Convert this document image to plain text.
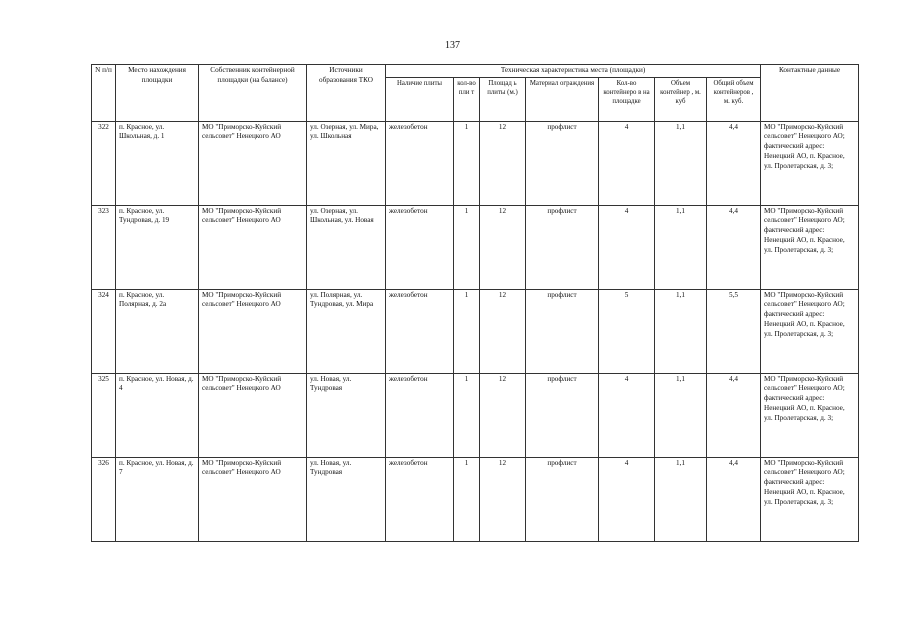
137
N п/п	Место нахождения площадки	Собственник контейнерной площадки (на балансе)	Источники образования ТКО	Техническая характеристика места (площадки)							Контактные данные
				Наличие плиты	кол-во пли т	Площад ь плиты (м.)	Материал ограждения	Кол-во контейнеро в на площадке	Объем контейнер , м. куб	Общий объем контейнеров , м. куб.	
322	п. Красное, ул. Школьная, д. 1	МО "Приморско-Куйский сельсовет" Ненецкого АО	ул. Озерная, ул. Мира, ул. Школьная	железобетон	1	12	профлист	4	1,1	4,4	МО "Приморско-Куйский сельсовет" Ненецкого АО; фактический адрес: Ненецкий АО, п. Красное, ул. Пролетарская, д. 3;
323	п. Красное, ул. Тундровая, д. 19	МО "Приморско-Куйский сельсовет" Ненецкого АО	ул. Озерная, ул. Школьная, ул. Новая	железобетон	1	12	профлист	4	1,1	4,4	МО "Приморско-Куйский сельсовет" Ненецкого АО; фактический адрес: Ненецкий АО, п. Красное, ул. Пролетарская, д. 3;
324	п. Красное, ул. Полярная, д. 2а	МО "Приморско-Куйский сельсовет" Ненецкого АО	ул. Полярная, ул. Тундровая, ул. Мира	железобетон	1	12	профлист	5	1,1	5,5	МО "Приморско-Куйский сельсовет" Ненецкого АО; фактический адрес: Ненецкий АО, п. Красное, ул. Пролетарская, д. 3;
325	п. Красное, ул. Новая, д. 4	МО "Приморско-Куйский сельсовет" Ненецкого АО	ул. Новая, ул. Тундровая	железобетон	1	12	профлист	4	1,1	4,4	МО "Приморско-Куйский сельсовет" Ненецкого АО; фактический адрес: Ненецкий АО, п. Красное, ул. Пролетарская, д. 3;
326	п. Красное, ул. Новая, д. 7	МО "Приморско-Куйский сельсовет" Ненецкого АО	ул. Новая, ул. Тундровая	железобетон	1	12	профлист	4	1,1	4,4	МО "Приморско-Куйский сельсовет" Ненецкого АО; фактический адрес: Ненецкий АО, п. Красное, ул. Пролетарская, д. 3;
